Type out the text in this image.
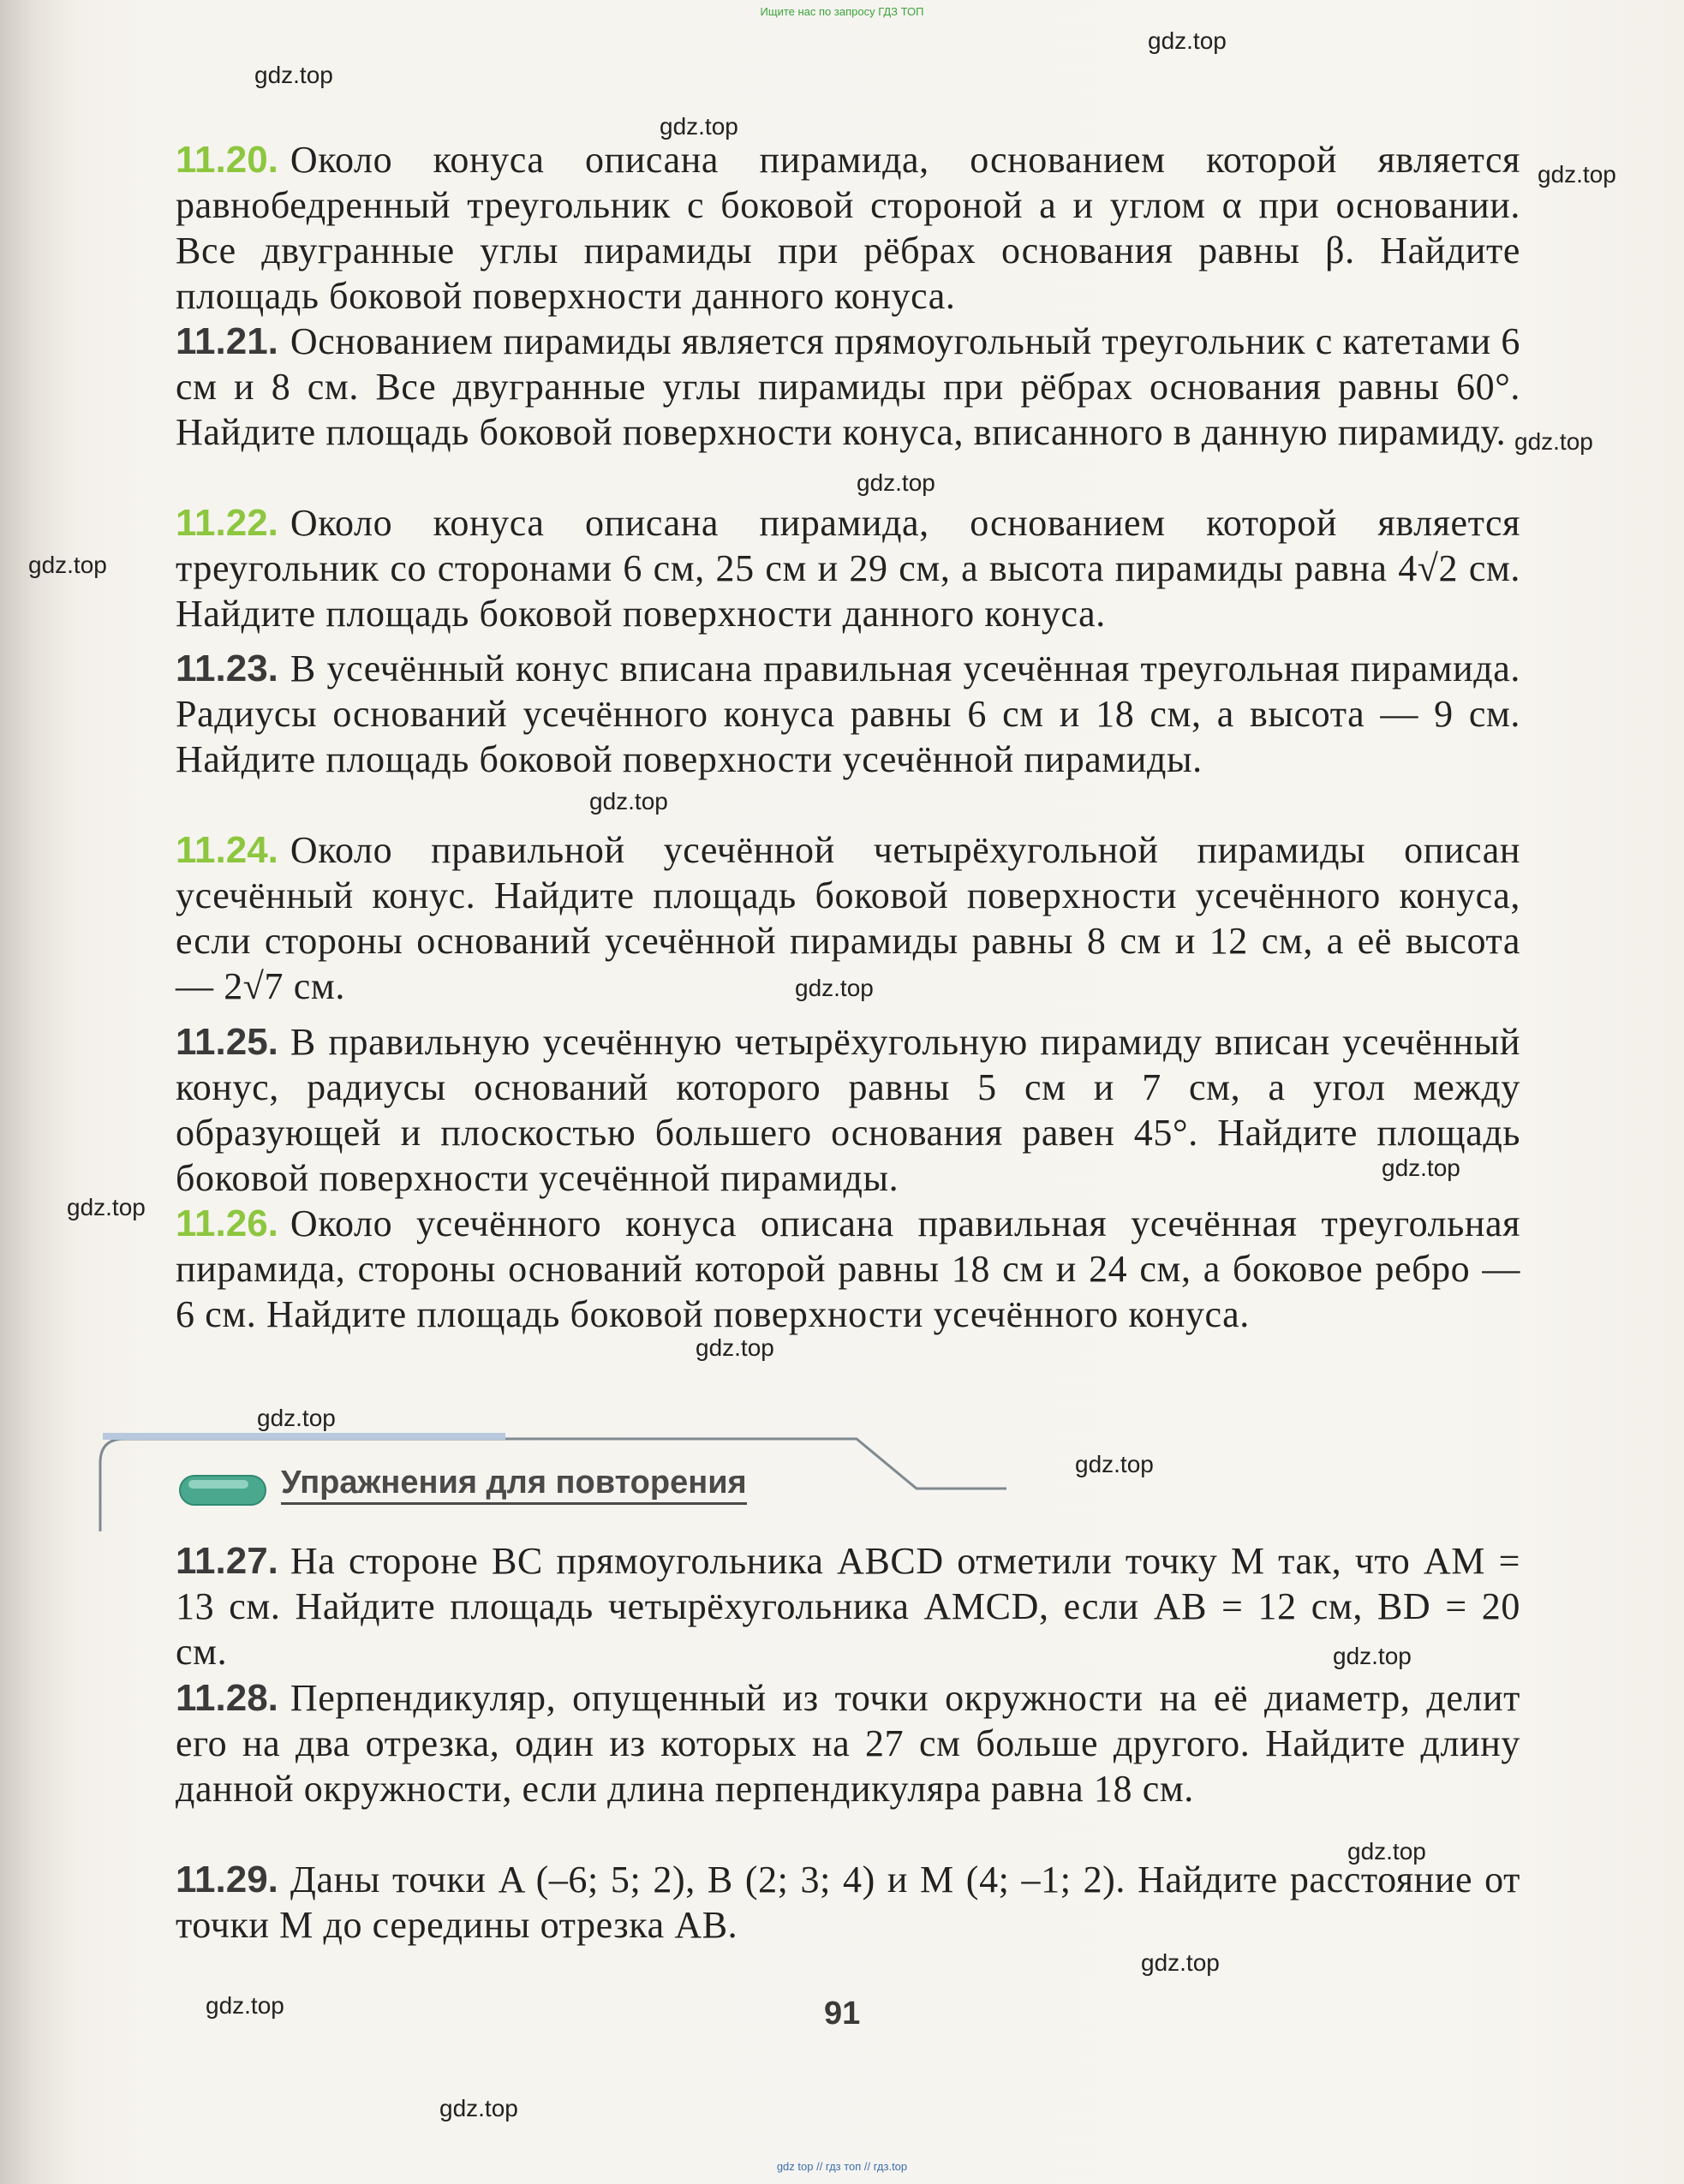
Ищите нас по запросу ГДЗ ТОП
gdz.top
gdz.top
gdz.top
gdz.top
gdz.top
gdz.top
gdz.top
gdz.top
gdz.top
gdz.top
gdz.top
gdz.top
gdz.top
gdz.top
gdz.top
gdz.top
gdz.top
gdz.top
gdz.top
11.20. Около конуса описана пирамида, основанием которой является равнобедренный треугольник с боковой стороной a и углом α при основании. Все двугранные углы пирамиды при рёбрах основания равны β. Найдите площадь боковой поверхности данного конуса.
11.21. Основанием пирамиды является прямоугольный треугольник с катетами 6 см и 8 см. Все двугранные углы пирамиды при рёбрах основания равны 60°. Найдите площадь боковой поверхности конуса, вписанного в данную пирамиду.
11.22. Около конуса описана пирамида, основанием которой является треугольник со сторонами 6 см, 25 см и 29 см, а высота пирамиды равна 4√2 см. Найдите площадь боковой поверхности данного конуса.
11.23. В усечённый конус вписана правильная усечённая треугольная пирамида. Радиусы оснований усечённого конуса равны 6 см и 18 см, а высота — 9 см. Найдите площадь боковой поверхности усечённой пирамиды.
11.24. Около правильной усечённой четырёхугольной пирамиды описан усечённый конус. Найдите площадь боковой поверхности усечённого конуса, если стороны оснований усечённой пирамиды равны 8 см и 12 см, а её высота — 2√7 см.
11.25. В правильную усечённую четырёхугольную пирамиду вписан усечённый конус, радиусы оснований которого равны 5 см и 7 см, а угол между образующей и плоскостью большего основания равен 45°. Найдите площадь боковой поверхности усечённой пирамиды.
11.26. Около усечённого конуса описана правильная усечённая треугольная пирамида, стороны оснований которой равны 18 см и 24 см, а боковое ребро — 6 см. Найдите площадь боковой поверхности усечённого конуса.
Упражнения для повторения
11.27. На стороне BC прямоугольника ABCD отметили точку M так, что AM = 13 см. Найдите площадь четырёхугольника AMCD, если AB = 12 см, BD = 20 см.
11.28. Перпендикуляр, опущенный из точки окружности на её диаметр, делит его на два отрезка, один из которых на 27 см больше другого. Найдите длину данной окружности, если длина перпендикуляра равна 18 см.
11.29. Даны точки A (–6; 5; 2), B (2; 3; 4) и M (4; –1; 2). Найдите расстояние от точки M до середины отрезка AB.
91
gdz top // гдз топ // гдз.top
